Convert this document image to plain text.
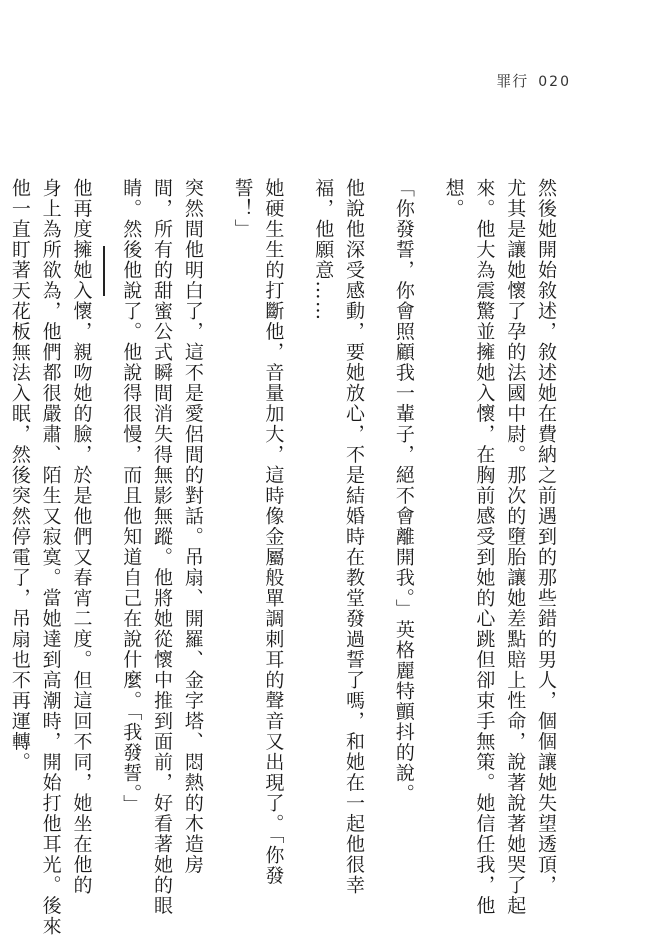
罪行 020

然後她開始敘述，敘述她在費納之前遇到的那些錯的男人，個個讓她失望透頂，

尤其是讓她懷了孕的法國中尉。那次的墮胎讓她差點賠上性命，說著說著她哭了起

來。他大為震驚並擁她入懷，在胸前感受到她的心跳但卻束手無策。她信任我，他

想。

「你發誓，你會照顧我一輩子，絕不會離開我。」英格麗特顫抖的說。

他說他深受感動，要她放心，不是結婚時在教堂發過誓了嗎，和她在一起他很幸

福，他願意……

她硬生生的打斷他，音量加大，這時像金屬般單調刺耳的聲音又出現了。「你發

誓！」

突然間他明白了，這不是愛侶間的對話。吊扇、開羅、金字塔、悶熱的木造房

間，所有的甜蜜公式瞬間消失得無影無蹤。他將她從懷中推到面前，好看著她的眼

睛。然後他說了。他說得很慢，而且他知道自己在說什麼。「我發誓。」

他再度擁她入懷，親吻她的臉，於是他們又春宵二度。但這回不同，她坐在他的

身上為所欲為，他們都很嚴肅、陌生又寂寞。當她達到高潮時，開始打他耳光。後來

他一直盯著天花板無法入眠，然後突然停電了，吊扇也不再運轉。
